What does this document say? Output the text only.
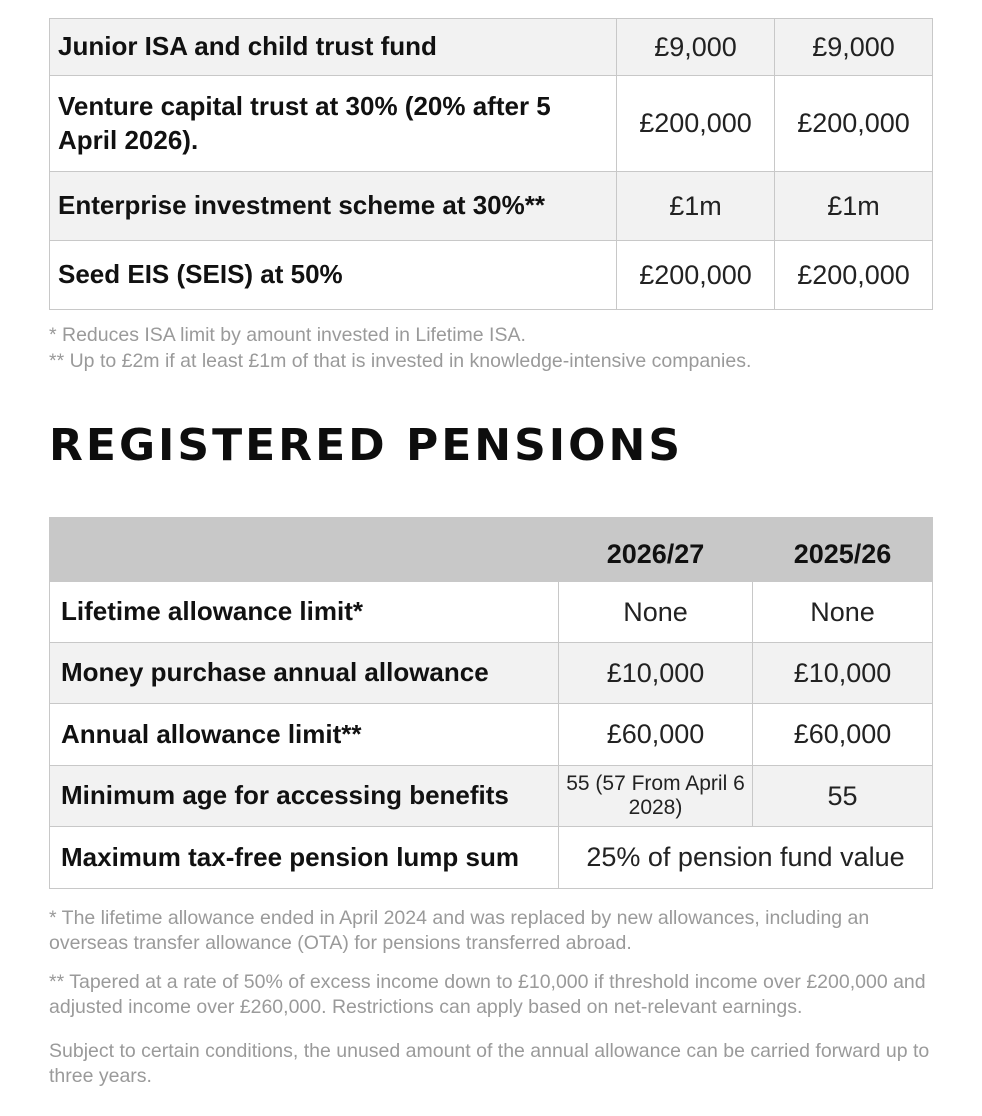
Junior ISA and child trust fund	£9,000	£9,000
Venture capital trust at 30% (20% after 5 April 2026).	£200,000	£200,000
Enterprise investment scheme at 30%**	£1m	£1m
Seed EIS (SEIS) at 50%	£200,000	£200,000
* Reduces ISA limit by amount invested in Lifetime ISA.
** Up to £2m if at least £1m of that is invested in knowledge-intensive companies.
REGISTERED PENSIONS
	2026/27	2025/26
Lifetime allowance limit*	None	None
Money purchase annual allowance	£10,000	£10,000
Annual allowance limit**	£60,000	£60,000
Minimum age for accessing benefits	55 (57 From April 6 2028)	55
Maximum tax-free pension lump sum	25% of pension fund value	

* The lifetime allowance ended in April 2024 and was replaced by new allowances, including an overseas transfer allowance (OTA) for pensions transferred abroad.

** Tapered at a rate of 50% of excess income down to £10,000 if threshold income over £200,000 and adjusted income over £260,000. Restrictions can apply based on net-relevant earnings.

Subject to certain conditions, the unused amount of the annual allowance can be carried forward up to three years.
